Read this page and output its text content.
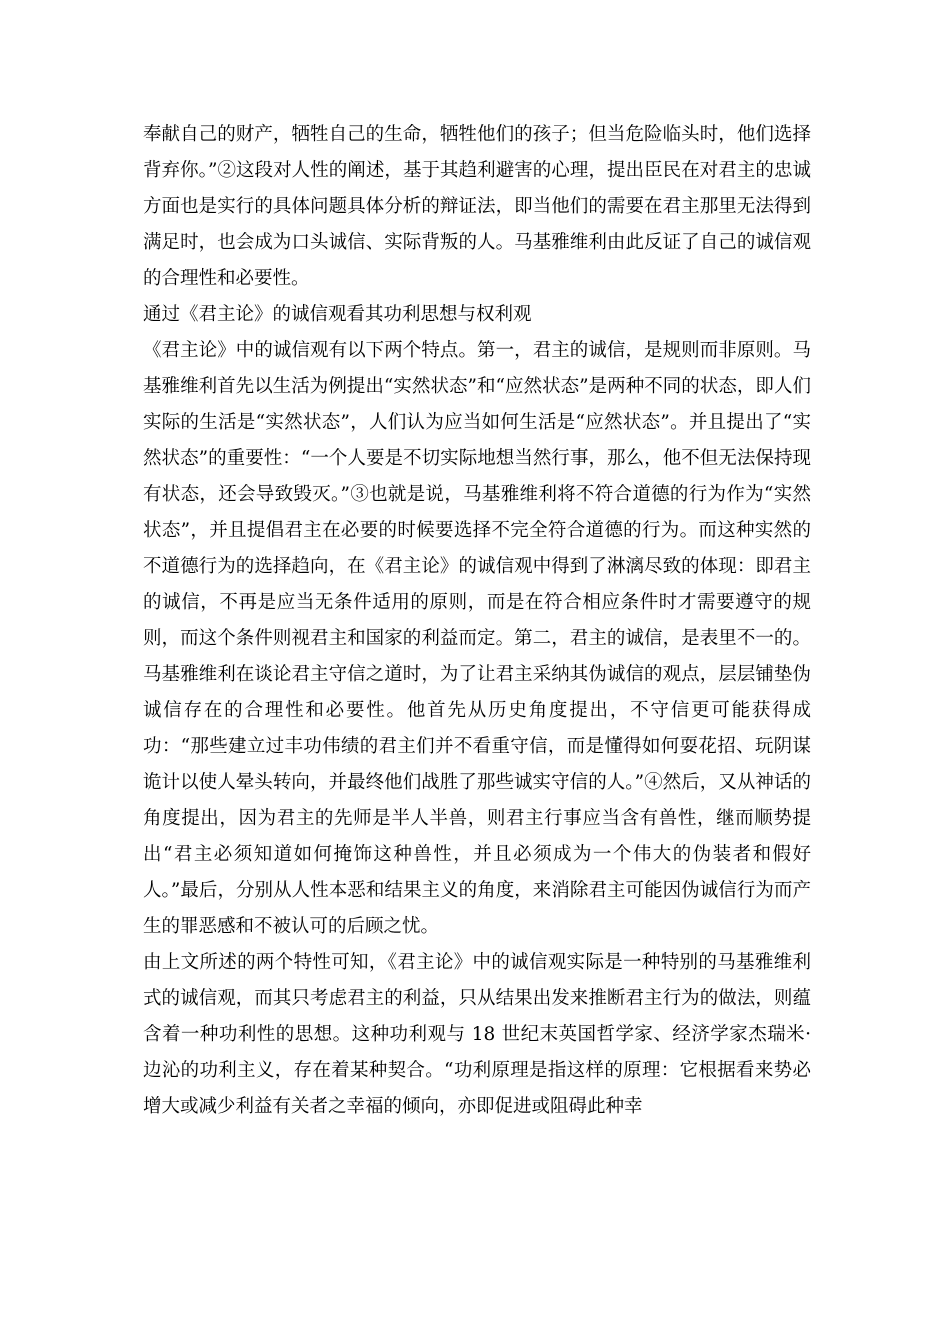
奉献自己的财产，牺牲自己的生命，牺牲他们的孩子；但当危险临头时，他们选择背弃你。”②这段对人性的阐述，基于其趋利避害的心理，提出臣民在对君主的忠诚方面也是实行的具体问题具体分析的辩证法，即当他们的需要在君主那里无法得到满足时，也会成为口头诚信、实际背叛的人。马基雅维利由此反证了自己的诚信观的合理性和必要性。

通过《君主论》的诚信观看其功利思想与权利观

《君主论》中的诚信观有以下两个特点。第一，君主的诚信，是规则而非原则。马基雅维利首先以生活为例提出“实然状态”和“应然状态”是两种不同的状态，即人们实际的生活是“实然状态”，人们认为应当如何生活是“应然状态”。并且提出了“实然状态”的重要性：“一个人要是不切实际地想当然行事，那么，他不但无法保持现有状态，还会导致毁灭。”③也就是说，马基雅维利将不符合道德的行为作为“实然状态”，并且提倡君主在必要的时候要选择不完全符合道德的行为。而这种实然的不道德行为的选择趋向，在《君主论》的诚信观中得到了淋漓尽致的体现：即君主的诚信，不再是应当无条件适用的原则，而是在符合相应条件时才需要遵守的规则，而这个条件则视君主和国家的利益而定。第二，君主的诚信，是表里不一的。马基雅维利在谈论君主守信之道时，为了让君主采纳其伪诚信的观点，层层铺垫伪诚信存在的合理性和必要性。他首先从历史角度提出，不守信更可能获得成功：“那些建立过丰功伟绩的君主们并不看重守信，而是懂得如何耍花招、玩阴谋诡计以使人晕头转向，并最终他们战胜了那些诚实守信的人。”④然后，又从神话的角度提出，因为君主的先师是半人半兽，则君主行事应当含有兽性，继而顺势提出“君主必须知道如何掩饰这种兽性，并且必须成为一个伟大的伪装者和假好人。”最后，分别从人性本恶和结果主义的角度，来消除君主可能因伪诚信行为而产生的罪恶感和不被认可的后顾之忧。

由上文所述的两个特性可知，《君主论》中的诚信观实际是一种特别的马基雅维利式的诚信观，而其只考虑君主的利益，只从结果出发来推断君主行为的做法，则蕴含着一种功利性的思想。这种功利观与 18 世纪末英国哲学家、经济学家杰瑞米·边沁的功利主义，存在着某种契合。“功利原理是指这样的原理：它根据看来势必增大或减少利益有关者之幸福的倾向，亦即促进或阻碍此种幸
